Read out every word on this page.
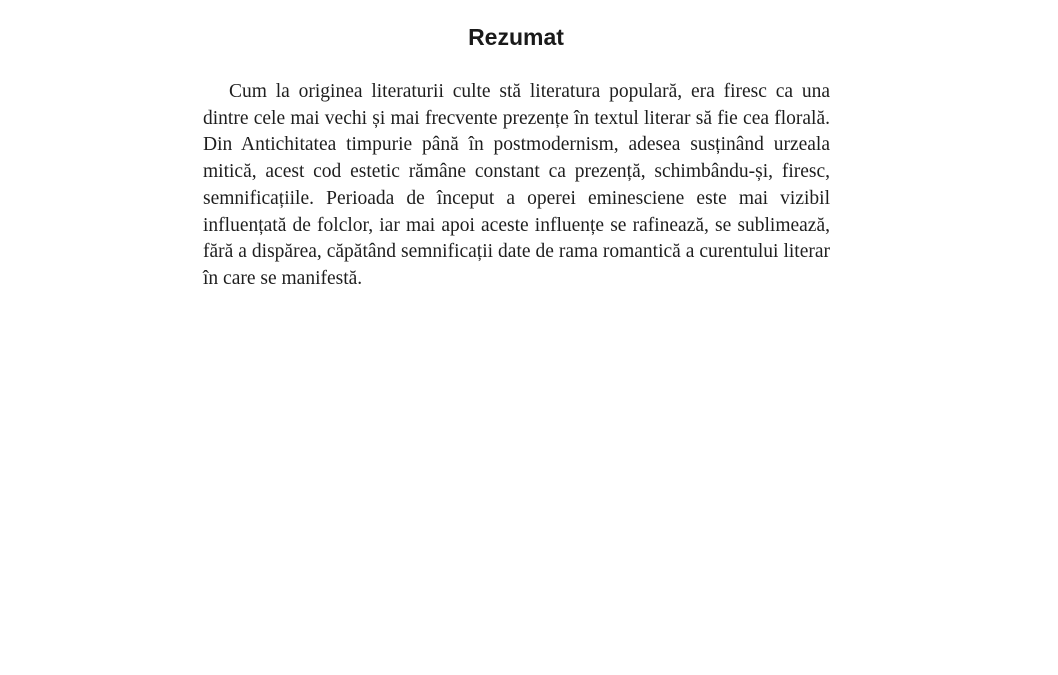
Rezumat

Cum la originea literaturii culte stă literatura populară, era firesc ca una dintre cele mai vechi și mai frecvente prezențe în textul literar să fie cea florală. Din Antichitatea timpurie până în postmodernism, adesea susținând urzeala mitică, acest cod estetic rămâne constant ca prezență, schimbându-și, firesc, semnificațiile. Perioada de început a operei eminesciene este mai vizibil influențată de folclor, iar mai apoi aceste influențe se rafinează, se sublimează, fără a dispărea, căpătând semnificații date de rama romantică a curentului literar în care se manifestă.
